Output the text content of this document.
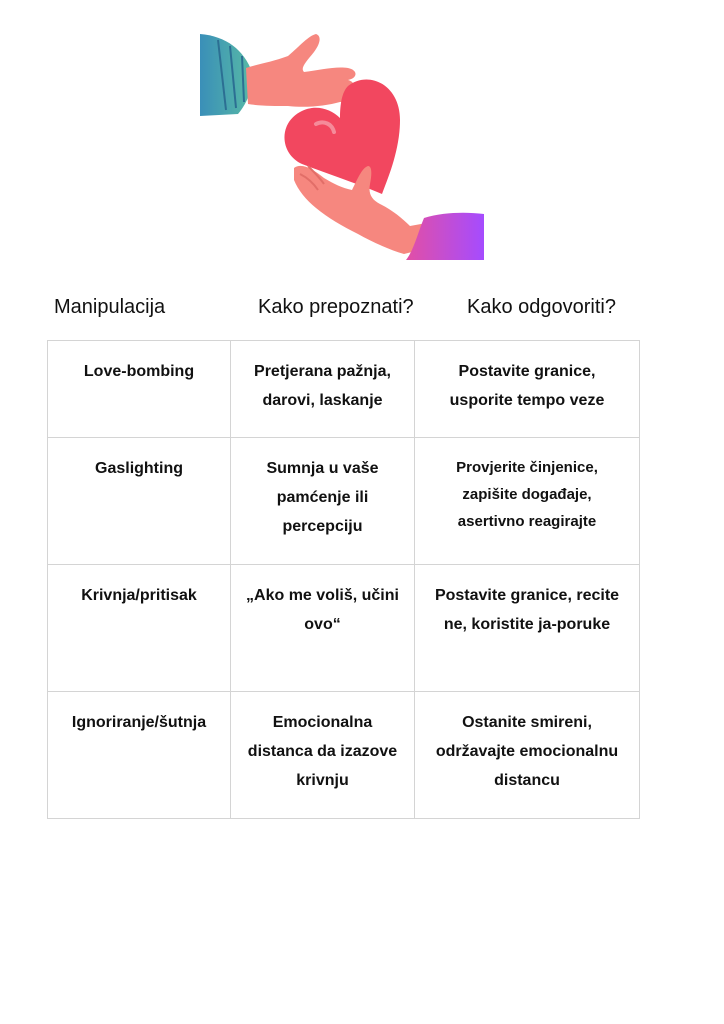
Manipulacija	Kako prepoznati?	Kako odgovoriti?
Love-bombing	Pretjerana pažnja, darovi, laskanje	Postavite granice, usporite tempo veze

Gaslighting	Sumnja u vaše pamćenje ili percepciju	Provjerite činjenice, zapišite događaje, asertivno reagirajte

Krivnja/pritisak	„Ako me voliš, učini ovo“	Postavite granice, recite ne, koristite ja-poruke

Ignoriranje/šutnja	Emocionalna distanca da izazove krivnju	Ostanite smireni, održavajte emocionalnu distancu
